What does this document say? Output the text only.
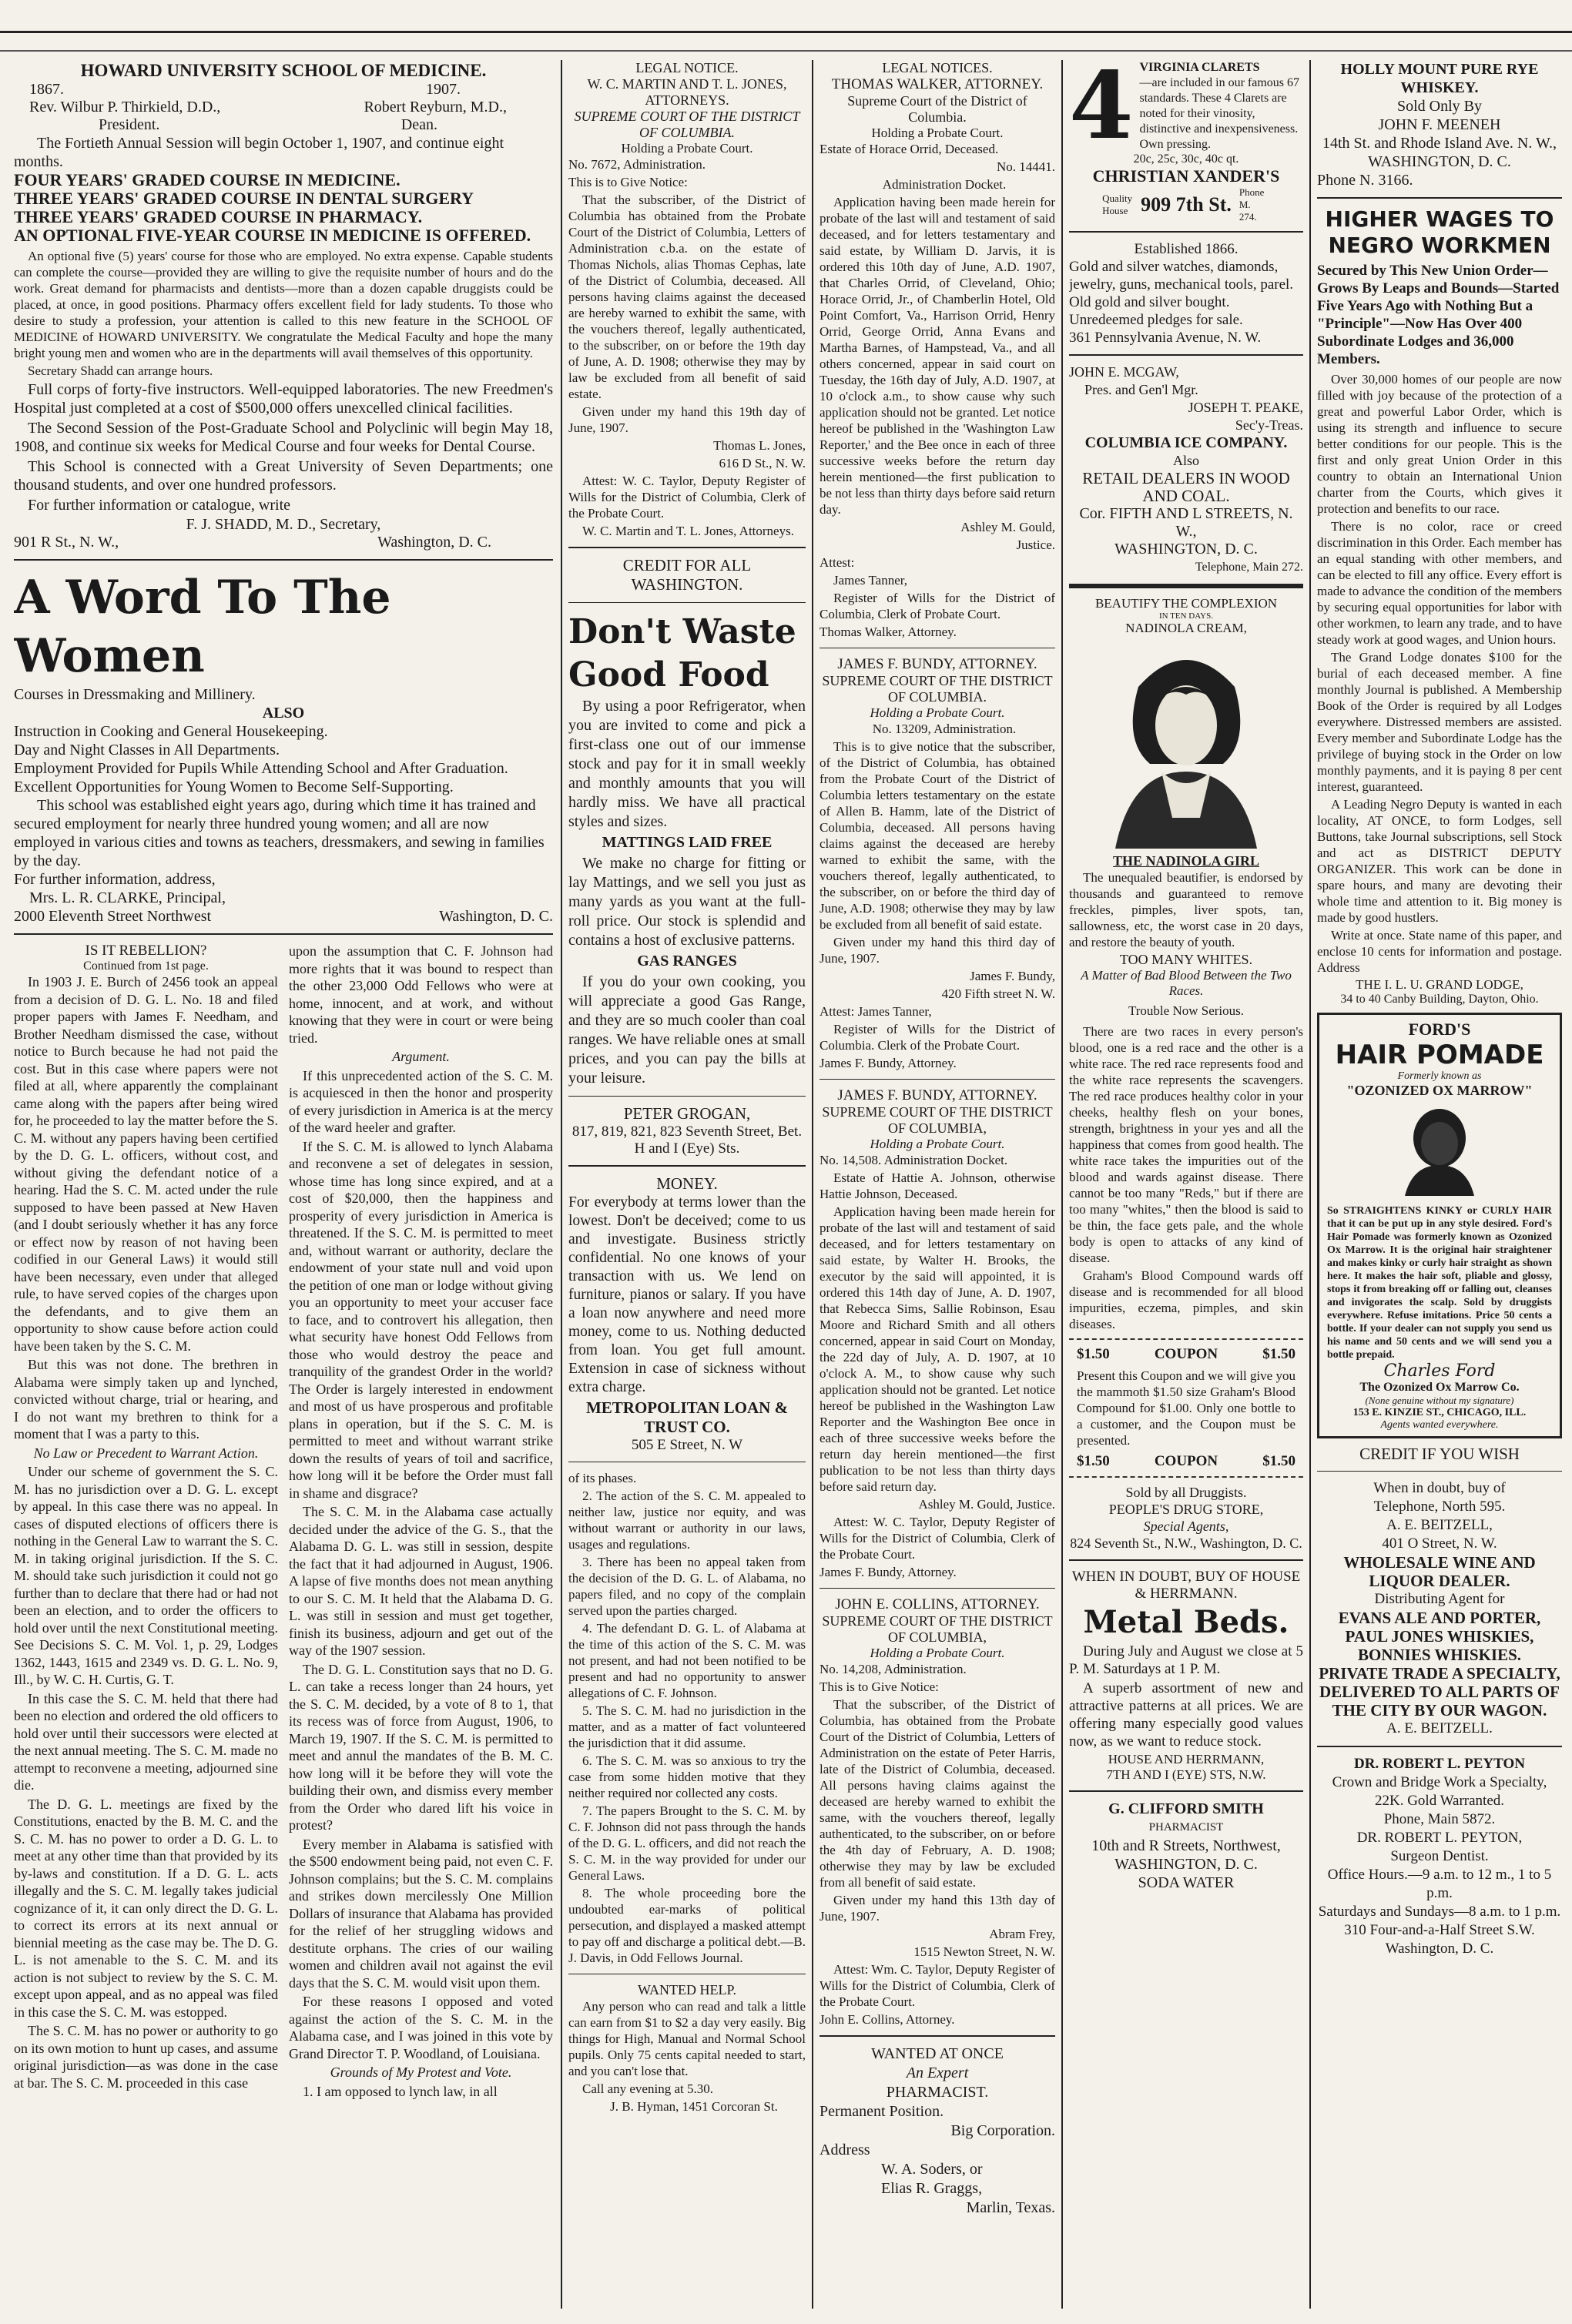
HOWARD UNIVERSITY SCHOOL OF MEDICINE.
1867.	1907.
Rev. Wilbur P. Thirkield, D.D.,	Robert Reyburn, M.D.,
President.	Dean.

The Fortieth Annual Session will begin October 1, 1907, and continue eight months.

FOUR YEARS' GRADED COURSE IN MEDICINE.

THREE YEARS' GRADED COURSE IN DENTAL SURGERY

THREE YEARS' GRADED COURSE IN PHARMACY.

AN OPTIONAL FIVE-YEAR COURSE IN MEDICINE IS OFFERED.

An optional five (5) years' course for those who are employed. No extra expense. Capable students can complete the course—provided they are willing to give the requisite number of hours and do the work. Great demand for pharmacists and dentists—more than a dozen capable druggists could be placed, at once, in good positions. Pharmacy offers excellent field for lady students. To those who desire to study a profession, your attention is called to this new feature in the SCHOOL OF MEDICINE of HOWARD UNIVERSITY. We congratulate the Medical Faculty and hope the many bright young men and women who are in the departments will avail themselves of this opportunity.

Secretary Shadd can arrange hours.

Full corps of forty-five instructors. Well-equipped laboratories. The new Freedmen's Hospital just completed at a cost of $500,000 offers unexcelled clinical facilities.

The Second Session of the Post-Graduate School and Polyclinic will begin May 18, 1908, and continue six weeks for Medical Course and four weeks for Dental Course.

This School is connected with a Great University of Seven Departments; one thousand students, and over one hundred professors.

For further information or catalogue, write

F. J. SHADD, M. D., Secretary,

901 R St., N. W.,	Washington, D. C.
A Word To The Women

Courses in Dressmaking and Millinery.

ALSO

Instruction in Cooking and General Housekeeping.

Day and Night Classes in All Departments.

Employment Provided for Pupils While Attending School and After Graduation.

Excellent Opportunities for Young Women to Become Self-Supporting.

This school was established eight years ago, during which time it has trained and secured employment for nearly three hundred young women; and all are now employed in various cities and towns as teachers, dressmakers, and sewing in families by the day.

For further information, address,

Mrs. L. R. CLARKE, Principal,

2000 Eleventh Street Northwest	Washington, D. C.

IS IT REBELLION?

Continued from 1st page.

In 1903 J. E. Burch of 2456 took an appeal from a decision of D. G. L. No. 18 and filed proper papers with James F. Needham, and Brother Needham dismissed the case, without notice to Burch because he had not paid the cost. But in this case where papers were not filed at all, where apparently the complainant came along with the papers after being wired for, he proceeded to lay the matter before the S. C. M. without any papers having been certified by the D. G. L. officers, without cost, and without giving the defendant notice of a hearing. Had the S. C. M. acted under the rule supposed to have been passed at New Haven (and I doubt seriously whether it has any force or effect now by reason of not having been codified in our General Laws) it would still have been necessary, even under that alleged rule, to have served copies of the charges upon the defendants, and to give them an opportunity to show cause before action could have been taken by the S. C. M.

But this was not done. The brethren in Alabama were simply taken up and lynched, convicted without charge, trial or hearing, and I do not want my brethren to think for a moment that I was a party to this.

No Law or Precedent to Warrant Action.

Under our scheme of government the S. C. M. has no jurisdiction over a D. G. L. except by appeal. In this case there was no appeal. In cases of disputed elections of officers there is nothing in the General Law to warrant the S. C. M. in taking original jurisdiction. If the S. C. M. should take such jurisdiction it could not go further than to declare that there had or had not been an election, and to order the officers to hold over until the next Constitutional meeting. See Decisions S. C. M. Vol. 1, p. 29, Lodges 1362, 1443, 1615 and 2349 vs. D. G. L. No. 9, Ill., by W. C. H. Curtis, G. T.

In this case the S. C. M. held that there had been no election and ordered the old officers to hold over until their successors were elected at the next annual meeting. The S. C. M. made no attempt to reconvene a meeting, adjourned sine die.

The D. G. L. meetings are fixed by the Constitutions, enacted by the B. M. C. and the S. C. M. has no power to order a D. G. L. to meet at any other time than that provided by its by-laws and constitution. If a D. G. L. acts illegally and the S. C. M. legally takes judicial cognizance of it, it can only direct the D. G. L. to correct its errors at its next annual or biennial meeting as the case may be. The D. G. L. is not amenable to the S. C. M. and its action is not subject to review by the S. C. M. except upon appeal, and as no appeal was filed in this case the S. C. M. was estopped.

The S. C. M. has no power or authority to go on its own motion to hunt up cases, and assume original jurisdiction—as was done in the case at bar. The S. C. M. proceeded in this case

upon the assumption that C. F. Johnson had more rights that it was bound to respect than the other 23,000 Odd Fellows who were at home, innocent, and at work, and without knowing that they were in court or were being tried.

Argument.

If this unprecedented action of the S. C. M. is acquiesced in then the honor and prosperity of every jurisdiction in America is at the mercy of the ward heeler and grafter.

If the S. C. M. is allowed to lynch Alabama and reconvene a set of delegates in session, whose time has long since expired, and at a cost of $20,000, then the happiness and prosperity of every jurisdiction in America is threatened. If the S. C. M. is permitted to meet and, without warrant or authority, declare the endowment of your state null and void upon the petition of one man or lodge without giving you an opportunity to meet your accuser face to face, and to controvert his allegation, then what security have honest Odd Fellows from those who would destroy the peace and tranquility of the grandest Order in the world? The Order is largely interested in endowment and most of us have prosperous and profitable plans in operation, but if the S. C. M. is permitted to meet and without warrant strike down the results of years of toil and sacrifice, how long will it be before the Order must fall in shame and disgrace?

The S. C. M. in the Alabama case actually decided under the advice of the G. S., that the Alabama D. G. L. was still in session, despite the fact that it had adjourned in August, 1906. A lapse of five months does not mean anything to our S. C. M. It held that the Alabama D. G. L. was still in session and must get together, finish its business, adjourn and get out of the way of the 1907 session.

The D. G. L. Constitution says that no D. G. L. can take a recess longer than 24 hours, yet the S. C. M. decided, by a vote of 8 to 1, that its recess was of force from August, 1906, to March 19, 1907. If the S. C. M. is permitted to meet and annul the mandates of the B. M. C. how long will it be before they will vote the building their own, and dismiss every member from the Order who dared lift his voice in protest?

Every member in Alabama is satisfied with the $500 endowment being paid, not even C. F. Johnson complains; but the S. C. M. complains and strikes down mercilessly One Million Dollars of insurance that Alabama has provided for the relief of her struggling widows and destitute orphans. The cries of our wailing women and children avail not against the evil days that the S. C. M. would visit upon them.

For these reasons I opposed and voted against the action of the S. C. M. in the Alabama case, and I was joined in this vote by Grand Director T. P. Woodland, of Louisiana.

Grounds of My Protest and Vote.

1. I am opposed to lynch law, in all

LEGAL NOTICE.

W. C. MARTIN AND T. L. JONES, ATTORNEYS.

SUPREME COURT OF THE DISTRICT OF COLUMBIA.

Holding a Probate Court.

No. 7672, Administration.

This is to Give Notice:

That the subscriber, of the District of Columbia has obtained from the Probate Court of the District of Columbia, Letters of Administration c.b.a. on the estate of Thomas Nichols, alias Thomas Cephas, late of the District of Columbia, deceased. All persons having claims against the deceased are hereby warned to exhibit the same, with the vouchers thereof, legally authenticated, to the subscriber, on or before the 19th day of June, A. D. 1908; otherwise they may by law be excluded from all benefit of said estate.

Given under my hand this 19th day of June, 1907.

Thomas L. Jones,

616 D St., N. W.

Attest: W. C. Taylor, Deputy Register of Wills for the District of Columbia, Clerk of the Probate Court.

W. C. Martin and T. L. Jones, Attorneys.

CREDIT FOR ALL WASHINGTON.

Don't Waste Good Food

By using a poor Refrigerator, when you are invited to come and pick a first-class one out of our immense stock and pay for it in small weekly and monthly amounts that you will hardly miss. We have all practical styles and sizes.

MATTINGS LAID FREE

We make no charge for fitting or lay Mattings, and we sell you just as many yards as you want at the full-roll price. Our stock is splendid and contains a host of exclusive patterns.

GAS RANGES

If you do your own cooking, you will appreciate a good Gas Range, and they are so much cooler than coal ranges. We have reliable ones at small prices, and you can pay the bills at your leisure.

PETER GROGAN,

817, 819, 821, 823 Seventh Street, Bet. H and I (Eye) Sts.

MONEY.

For everybody at terms lower than the lowest. Don't be deceived; come to us and investigate. Business strictly confidential. No one knows of your transaction with us. We lend on furniture, pianos or salary. If you have a loan now anywhere and need more money, come to us. Nothing deducted from loan. You get full amount. Extension in case of sickness without extra charge.

METROPOLITAN LOAN & TRUST CO.

505 E Street, N. W

of its phases.

2. The action of the S. C. M. appealed to neither law, justice nor equity, and was without warrant or authority in our laws, usages and regulations.

3. There has been no appeal taken from the decision of the D. G. L. of Alabama, no papers filed, and no copy of the complain served upon the parties charged.

4. The defendant D. G. L. of Alabama at the time of this action of the S. C. M. was not present, and had not been notified to be present and had no opportunity to answer allegations of C. F. Johnson.

5. The S. C. M. had no jurisdiction in the matter, and as a matter of fact volunteered the jurisdiction that it did assume.

6. The S. C. M. was so anxious to try the case from some hidden motive that they neither required nor collected any costs.

7. The papers Brought to the S. C. M. by C. F. Johnson did not pass through the hands of the D. G. L. officers, and did not reach the S. C. M. in the way provided for under our General Laws.

8. The whole proceeding bore the undoubted ear-marks of political persecution, and displayed a masked attempt to pay off and discharge a political debt.—B. J. Davis, in Odd Fellows Journal.

WANTED HELP.

Any person who can read and talk a little can earn from $1 to $2 a day very easily. Big things for High, Manual and Normal School pupils. Only 75 cents capital needed to start, and you can't lose that.

Call any evening at 5.30.

J. B. Hyman, 1451 Corcoran St.

LEGAL NOTICES.

THOMAS WALKER, ATTORNEY.

Supreme Court of the District of Columbia.

Holding a Probate Court.

Estate of Horace Orrid, Deceased.

No. 14441.

Administration Docket.

Application having been made herein for probate of the last will and testament of said deceased, and for letters testamentary and said estate, by William D. Jarvis, it is ordered this 10th day of June, A.D. 1907, that Charles Orrid, of Cleveland, Ohio; Horace Orrid, Jr., of Chamberlin Hotel, Old Point Comfort, Va., Harrison Orrid, Henry Orrid, George Orrid, Anna Evans and Martha Barnes, of Hampstead, Va., and all others concerned, appear in said court on Tuesday, the 16th day of July, A.D. 1907, at 10 o'clock a.m., to show cause why such application should not be granted. Let notice hereof be published in the 'Washington Law Reporter,' and the Bee once in each of three successive weeks before the return day herein mentioned—the first publication to be not less than thirty days before said return day.

Ashley M. Gould,

Justice.

Attest:

James Tanner,

Register of Wills for the District of Columbia, Clerk of Probate Court.

Thomas Walker, Attorney.

JAMES F. BUNDY, ATTORNEY.

SUPREME COURT OF THE DISTRICT OF COLUMBIA.

Holding a Probate Court.

No. 13209, Administration.

This is to give notice that the subscriber, of the District of Columbia, has obtained from the Probate Court of the District of Columbia letters testamentary on the estate of Allen B. Hamm, late of the District of Columbia, deceased. All persons having claims against the deceased are hereby warned to exhibit the same, with the vouchers thereof, legally authenticated, to the subscriber, on or before the third day of June, A.D. 1908; otherwise they may by law be excluded from all benefit of said estate.

Given under my hand this third day of June, 1907.

James F. Bundy,

420 Fifth street N. W.

Attest: James Tanner,

Register of Wills for the District of Columbia. Clerk of the Probate Court.

James F. Bundy, Attorney.

JAMES F. BUNDY, ATTORNEY.

SUPREME COURT OF THE DISTRICT OF COLUMBIA,

Holding a Probate Court.

No. 14,508. Administration Docket.

Estate of Hattie A. Johnson, otherwise Hattie Johnson, Deceased.

Application having been made herein for probate of the last will and testament of said deceased, and for letters testamentary on said estate, by Walter H. Brooks, the executor by the said will appointed, it is ordered this 14th day of June, A. D. 1907, that Rebecca Sims, Sallie Robinson, Esau Moore and Richard Smith and all others concerned, appear in said Court on Monday, the 22d day of July, A. D. 1907, at 10 o'clock A. M., to show cause why such application should not be granted. Let notice hereof be published in the Washington Law Reporter and the Washington Bee once in each of three successive weeks before the return day herein mentioned—the first publication to be not less than thirty days before said return day.

Ashley M. Gould, Justice.

Attest: W. C. Taylor, Deputy Register of Wills for the District of Columbia, Clerk of the Probate Court.

James F. Bundy, Attorney.

JOHN E. COLLINS, ATTORNEY.

SUPREME COURT OF THE DISTRICT OF COLUMBIA,

Holding a Probate Court.

No. 14,208, Administration.

This is to Give Notice:

That the subscriber, of the District of Columbia, has obtained from the Probate Court of the District of Columbia, Letters of Administration on the estate of Peter Harris, late of the District of Columbia, deceased. All persons having claims against the deceased are hereby warned to exhibit the same, with the vouchers thereof, legally authenticated, to the subscriber, on or before the 4th day of February, A. D. 1908; otherwise they may by law be excluded from all benefit of said estate.

Given under my hand this 13th day of June, 1907.

Abram Frey,

1515 Newton Street, N. W.

Attest: Wm. C. Taylor, Deputy Register of Wills for the District of Columbia, Clerk of the Probate Court.

John E. Collins, Attorney.

WANTED AT ONCE

An Expert

PHARMACIST.

Permanent Position.

Big Corporation.

Address

W. A. Soders, or

Elias R. Graggs,

Marlin, Texas.

4 VIRGINIA CLARETS

—are included in our famous 67 standards. These 4 Clarets are noted for their vinosity, distinctive and inexpensiveness. Own pressing.

20c, 25c, 30c, 40c qt.

CHRISTIAN XANDER'S

Quality House 909 7th St.
Phone M. 274.

Established 1866.

Gold and silver watches, diamonds, jewelry, guns, mechanical tools, parel.

Old gold and silver bought.

Unredeemed pledges for sale.

361 Pennsylvania Avenue, N. W.

JOHN E. MCGAW,

Pres. and Gen'l Mgr.

JOSEPH T. PEAKE,

Sec'y-Treas.

COLUMBIA ICE COMPANY.

Also

RETAIL DEALERS IN WOOD AND COAL.

Cor. FIFTH AND L STREETS, N. W.,

WASHINGTON, D. C.

Telephone, Main 272.

BEAUTIFY THE COMPLEXION

IN TEN DAYS.

NADINOLA CREAM,

THE NADINOLA GIRL

The unequaled beautifier, is endorsed by thousands and guaranteed to remove freckles, pimples, liver spots, tan, sallowness, etc, the worst case in 20 days, and restore the beauty of youth.

TOO MANY WHITES.

A Matter of Bad Blood Between the Two Races.

Trouble Now Serious.

There are two races in every person's blood, one is a red race and the other is a white race. The red race represents food and the white race represents the scavengers. The red race produces healthy color in your cheeks, healthy flesh on your bones, strength, brightness in your yes and all the happiness that comes from good health. The white race takes the impurities out of the blood and wards against disease. There cannot be too many "Reds," but if there are too many "whites," then the blood is said to be thin, the face gets pale, and the whole body is open to attacks of any kind of disease.

Graham's Blood Compound wards off disease and is recommended for all blood impurities, eczema, pimples, and skin diseases.

$1.50	COUPON	$1.50

Present this Coupon and we will give you the mammoth $1.50 size Graham's Blood Compound for $1.00. Only one bottle to a customer, and the Coupon must be presented.

$1.50	COUPON	$1.50

Sold by all Druggists.

PEOPLE'S DRUG STORE,

Special Agents,

824 Seventh St., N.W., Washington, D. C.

WHEN IN DOUBT, BUY OF HOUSE & HERRMANN.

Metal Beds.

During July and August we close at 5 P. M. Saturdays at 1 P. M.

A superb assortment of new and attractive patterns at all prices. We are offering many especially good values now, as we want to reduce stock.

HOUSE AND HERRMANN,

7TH AND I (EYE) STS, N.W.

G. CLIFFORD SMITH

PHARMACIST

10th and R Streets, Northwest,

WASHINGTON, D. C.

SODA WATER

HOLLY MOUNT PURE RYE WHISKEY.

Sold Only By

JOHN F. MEENEH

14th St. and Rhode Island Ave. N. W.,

WASHINGTON, D. C.

Phone N. 3166.

HIGHER WAGES TO NEGRO WORKMEN

Secured by This New Union Order—Grows By Leaps and Bounds—Started Five Years Ago with Nothing But a "Principle"—Now Has Over 400 Subordinate Lodges and 36,000 Members.

Over 30,000 homes of our people are now filled with joy because of the protection of a great and powerful Labor Order, which is using its strength and influence to secure better conditions for our people. This is the first and only great Union Order in this country to obtain an International Union charter from the Courts, which gives it protection and benefits to our race.

There is no color, race or creed discrimination in this Order. Each member has an equal standing with other members, and can be elected to fill any office. Every effort is made to advance the condition of the members by securing equal opportunities for labor with other workmen, to learn any trade, and to have steady work at good wages, and Union hours.

The Grand Lodge donates $100 for the burial of each deceased member. A fine monthly Journal is published. A Membership Book of the Order is required by all Lodges everywhere. Distressed members are assisted. Every member and Subordinate Lodge has the privilege of buying stock in the Order on low monthly payments, and it is paying 8 per cent interest, guaranteed.

A Leading Negro Deputy is wanted in each locality, AT ONCE, to form Lodges, sell Buttons, take Journal subscriptions, sell Stock and act as DISTRICT DEPUTY ORGANIZER. This work can be done in spare hours, and many are devoting their whole time and attention to it. Big money is made by good hustlers.

Write at once. State name of this paper, and enclose 10 cents for information and postage. Address

THE I. L. U. GRAND LODGE,

34 to 40 Canby Building, Dayton, Ohio.

FORD'S

HAIR POMADE

Formerly known as

"OZONIZED OX MARROW"

So STRAIGHTENS KINKY or CURLY HAIR that it can be put up in any style desired. Ford's Hair Pomade was formerly known as Ozonized Ox Marrow. It is the original hair straightener and makes kinky or curly hair straight as shown here. It makes the hair soft, pliable and glossy, stops it from breaking off or falling out, cleanses and invigorates the scalp. Sold by druggists everywhere. Refuse imitations. Price 50 cents a bottle. If your dealer can not supply you send us his name and 50 cents and we will send you a bottle prepaid.

Charles Ford

The Ozonized Ox Marrow Co.

(None genuine without my signature)

153 E. KINZIE ST., CHICAGO, ILL.

Agents wanted everywhere.

CREDIT IF YOU WISH

When in doubt, buy of

Telephone, North 595.

A. E. BEITZELL,

401 O Street, N. W.

WHOLESALE WINE AND LIQUOR DEALER.

Distributing Agent for

EVANS ALE AND PORTER, PAUL JONES WHISKIES, BONNIES WHISKIES.

PRIVATE TRADE A SPECIALTY, DELIVERED TO ALL PARTS OF THE CITY BY OUR WAGON.

A. E. BEITZELL.

DR. ROBERT L. PEYTON

Crown and Bridge Work a Specialty, 22K. Gold Warranted.

Phone, Main 5872.

DR. ROBERT L. PEYTON,

Surgeon Dentist.

Office Hours.—9 a.m. to 12 m., 1 to 5 p.m.

Saturdays and Sundays—8 a.m. to 1 p.m.

310 Four-and-a-Half Street S.W. Washington, D. C.
